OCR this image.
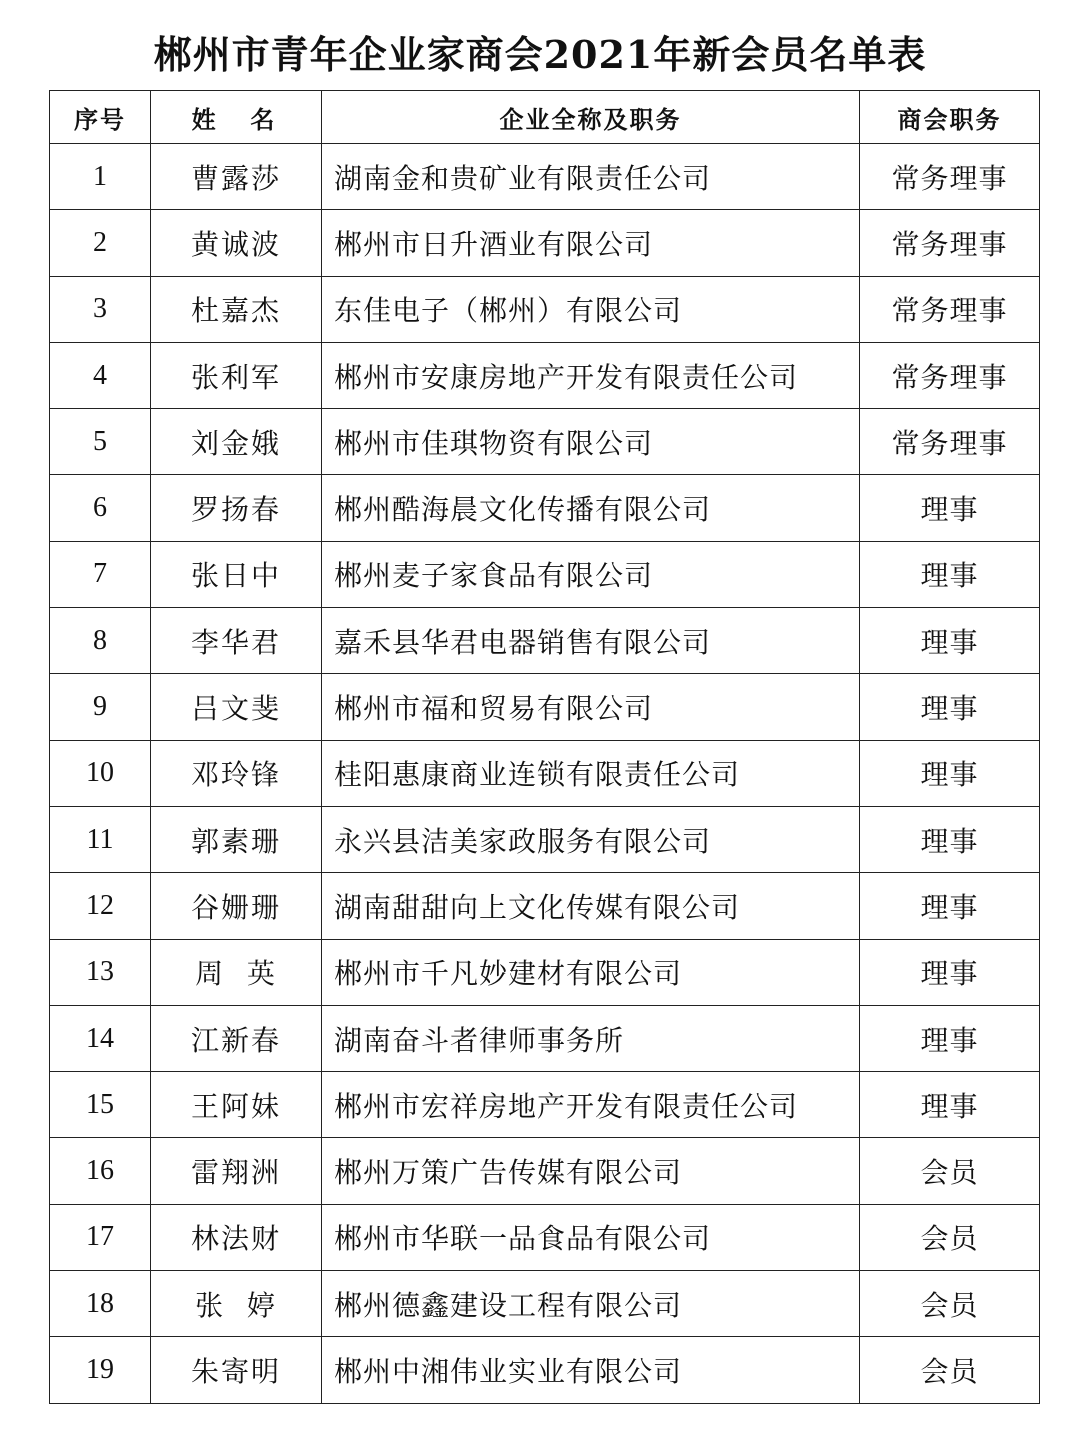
郴州市青年企业家商会2021年新会员名单表
序号	姓  名	企业全称及职务	商会职务
1	曹露莎	湖南金和贵矿业有限责任公司	常务理事
2	黄诚波	郴州市日升酒业有限公司	常务理事
3	杜嘉杰	东佳电子（郴州）有限公司	常务理事
4	张利军	郴州市安康房地产开发有限责任公司	常务理事
5	刘金娥	郴州市佳琪物资有限公司	常务理事
6	罗扬春	郴州酷海晨文化传播有限公司	理事
7	张日中	郴州麦子家食品有限公司	理事
8	李华君	嘉禾县华君电器销售有限公司	理事
9	吕文斐	郴州市福和贸易有限公司	理事
10	邓玲锋	桂阳惠康商业连锁有限责任公司	理事
11	郭素珊	永兴县洁美家政服务有限公司	理事
12	谷姗珊	湖南甜甜向上文化传媒有限公司	理事
13	周  英	郴州市千凡妙建材有限公司	理事
14	江新春	湖南奋斗者律师事务所	理事
15	王阿妹	郴州市宏祥房地产开发有限责任公司	理事
16	雷翔洲	郴州万策广告传媒有限公司	会员
17	林法财	郴州市华联一品食品有限公司	会员
18	张  婷	郴州德鑫建设工程有限公司	会员
19	朱寄明	郴州中湘伟业实业有限公司	会员
